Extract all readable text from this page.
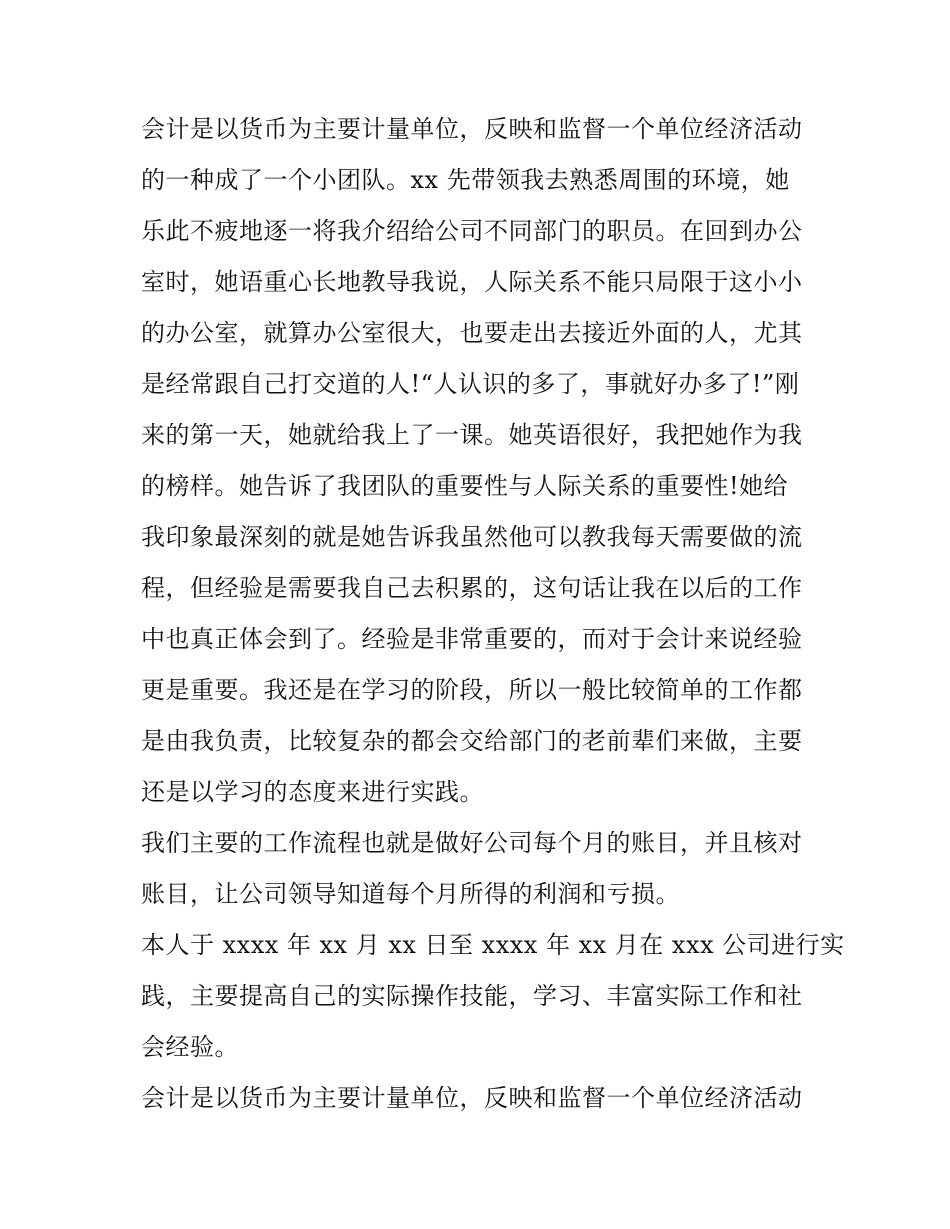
会计是以货币为主要计量单位，反映和监督一个单位经济活动
的一种成了一个小团队。xx 先带领我去熟悉周围的环境，她
乐此不疲地逐一将我介绍给公司不同部门的职员。在回到办公
室时，她语重心长地教导我说，人际关系不能只局限于这小小
的办公室，就算办公室很大，也要走出去接近外面的人，尤其
是经常跟自己打交道的人!“人认识的多了，事就好办多了!”刚
来的第一天，她就给我上了一课。她英语很好，我把她作为我
的榜样。她告诉了我团队的重要性与人际关系的重要性!她给
我印象最深刻的就是她告诉我虽然他可以教我每天需要做的流
程，但经验是需要我自己去积累的，这句话让我在以后的工作
中也真正体会到了。经验是非常重要的，而对于会计来说经验
更是重要。我还是在学习的阶段，所以一般比较简单的工作都
是由我负责，比较复杂的都会交给部门的老前辈们来做，主要
还是以学习的态度来进行实践。
我们主要的工作流程也就是做好公司每个月的账目，并且核对
账目，让公司领导知道每个月所得的利润和亏损。
本人于 xxxx 年 xx 月 xx 日至 xxxx 年 xx 月在 xxx 公司进行实
践，主要提高自己的实际操作技能，学习、丰富实际工作和社
会经验。
会计是以货币为主要计量单位，反映和监督一个单位经济活动
